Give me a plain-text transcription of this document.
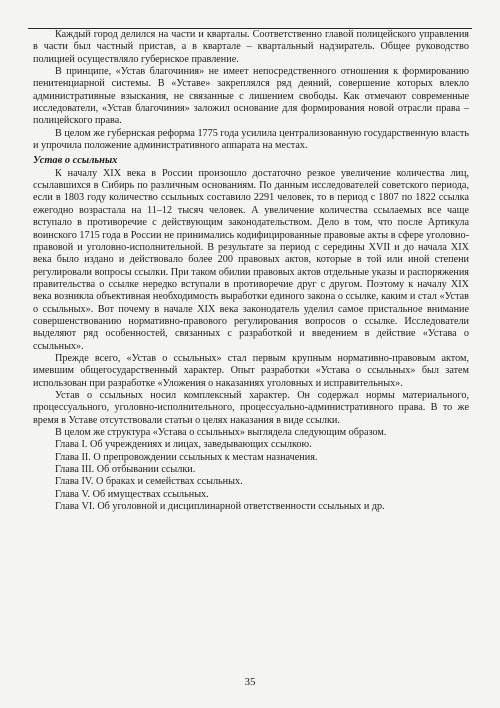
Каждый город делился на части и кварталы. Соответственно главой полицейского управления в части был частный пристав, а в квартале – квартальный надзиратель. Общее руководство полицией осуществляло губернское правление.

В принципе, «Устав благочиния» не имеет непосредственного отношения к формированию пенитенциарной системы. В «Уставе» закреплялся ряд деяний, совершение которых влекло административные взыскания, не связанные с лишением свободы. Как отмечают современные исследователи, «Устав благочиния» заложил основание для формирования новой отрасли права – полицейского права.

В целом же губернская реформа 1775 года усилила централизованную государственную власть и упрочила положение административного аппарата на местах.

Устав о ссыльных

К началу XIX века в России произошло достаточно резкое увеличение количества лиц, ссылавшихся в Сибирь по различным основаниям. По данным исследователей советского периода, если в 1803 году количество ссыльных составило 2291 человек, то в период с 1807 по 1822 ссылка ежегодно возрастала на 11–12 тысяч человек. А увеличение количества ссылаемых все чаще вступало в противоречие с действующим законодательством. Дело в том, что после Артикула воинского 1715 года в России не принимались кодифицированные правовые акты в сфере уголовно-правовой и уголовно-исполнительной. В результате за период с середины XVII и до начала XIX века было издано и действовало более 200 правовых актов, которые в той или иной степени регулировали вопросы ссылки. При таком обилии правовых актов отдельные указы и распоряжения правительства о ссылке нередко вступали в противоречие друг с другом. Поэтому к началу XIX века возникла объективная необходимость выработки единого закона о ссылке, каким и стал «Устав о ссыльных». Вот почему в начале XIX века законодатель уделил самое пристальное внимание совершенствованию нормативно-правового регулирования вопросов о ссылке. Исследователи выделяют ряд особенностей, связанных с разработкой и введением в действие «Устава о ссыльных».

Прежде всего, «Устав о ссыльных» стал первым крупным нормативно-правовым актом, имевшим общегосударственный характер. Опыт разработки «Устава о ссыльных» был затем использован при разработке «Уложения о наказаниях уголовных и исправительных».

Устав о ссыльных носил комплексный характер. Он содержал нормы материального, процессуального, уголовно-исполнительного, процессуально-административного права. В то же время в Уставе отсутствовали статьи о целях наказания в виде ссылки.

В целом же структура «Устава о ссыльных» выглядела следующим образом.

Глава I. Об учреждениях и лицах, заведывающих ссылкою.
Глава II. О препровождении ссыльных к местам назначения.
Глава III. Об отбывании ссылки.
Глава IV. О браках и семействах ссыльных.
Глава V. Об имуществах ссыльных.
Глава VI. Об уголовной и дисциплинарной ответственности ссыльных и др.
35
